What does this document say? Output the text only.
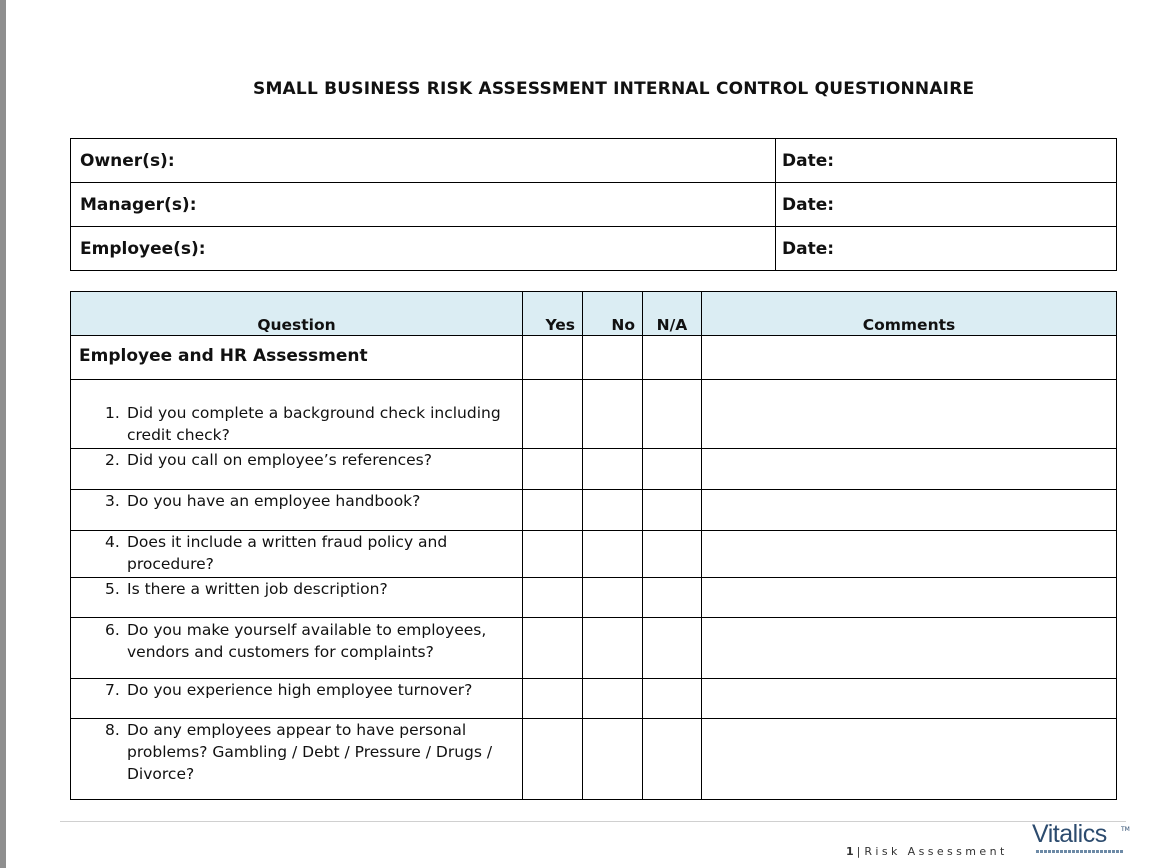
SMALL BUSINESS RISK ASSESSMENT INTERNAL CONTROL QUESTIONNAIRE
Owner(s):	Date:
Manager(s):	Date:
Employee(s):	Date:
Question	Yes	No	N/A	Comments
Employee and HR Assessment				

1. Did you complete a background check including credit check?				

2. Did you call on employee’s references?				

3. Do you have an employee handbook?				

4. Does it include a written fraud policy and procedure?				

5. Is there a written job description?				

6. Do you make yourself available to employees, vendors and customers for complaints?				

7. Do you experience high employee turnover?				

8. Do any employees appear to have personal problems? Gambling / Debt / Pressure / Drugs / Divorce?				

1 | Risk Assessment
Vitalics	TM
